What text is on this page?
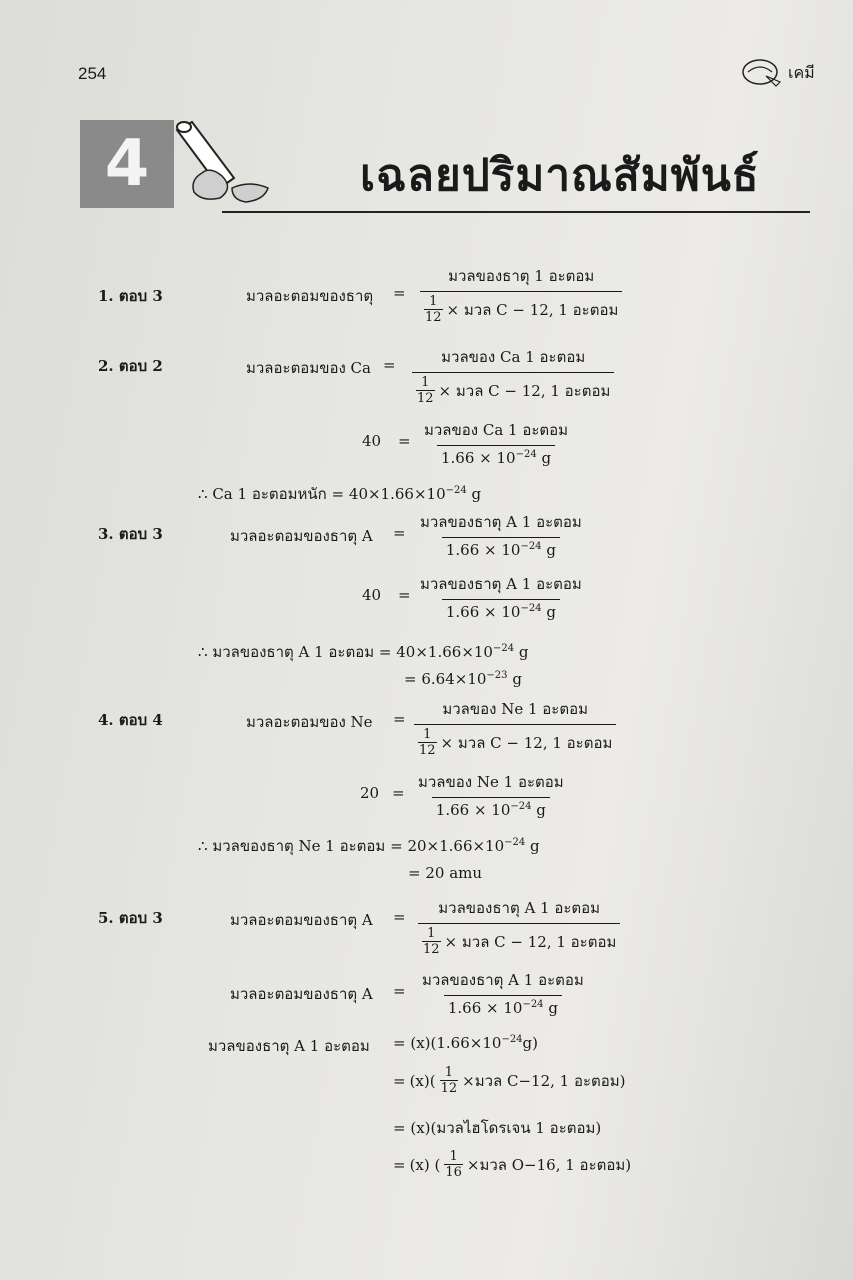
254	เคมี
4	เฉลยปริมาณสัมพันธ์
1. ตอบ 3	มวลอะตอมของธาตุ =
มวลของธาตุ 1 อะตอม
$\frac{1}{12}$ × มวล C − 12, 1 อะตอม
2. ตอบ 2	มวลอะตอมของ Ca =	มวลของ Ca 1 อะตอม
$\frac{1}{12}$ × มวล C − 12, 1 อะตอม
40 =
มวลของ Ca 1 อะตอม
$1.66 \times 10^{-24}$ g
∴ Ca 1 อะตอมหนัก = $40\times 1.66\times 10^{-24}$ g
3. ตอบ 3	มวลอะตอมของธาตุ A =
มวลของธาตุ A 1 อะตอม
$1.66 \times 10^{-24}$ g
40 =
มวลของธาตุ A 1 อะตอม
$1.66 \times 10^{-24}$ g
∴ มวลของธาตุ A 1 อะตอม = $40\times 1.66\times 10^{-24}$ g
= $6.64\times 10^{-23}$ g
4. ตอบ 4	มวลอะตอมของ Ne =
มวลของ Ne 1 อะตอม
$\frac{1}{12}$ × มวล C − 12, 1 อะตอม
20 =
มวลของ Ne 1 อะตอม
$1.66 \times 10^{-24}$ g
∴ มวลของธาตุ Ne 1 อะตอม = $20\times 1.66\times 10^{-24}$ g
= 20 amu
5. ตอบ 3	มวลอะตอมของธาตุ A = มวลของธาตุ A 1 อะตอม
$\frac{1}{12}$ × มวล C − 12, 1 อะตอม
มวลอะตอมของธาตุ A =
มวลของธาตุ A 1 อะตอม
$1.66 \times 10^{-24}$ g
มวลของธาตุ A 1 อะตอม = $(x)(1.66\times 10^{-24}g)$
= $(x)( \frac{1}{12}$ ×มวล C−12, 1 อะตอม)
= (x)(มวลไฮโดรเจน 1 อะตอม)
= (x) ( $\frac{1}{16}$ ×มวล O−16, 1 อะตอม)
